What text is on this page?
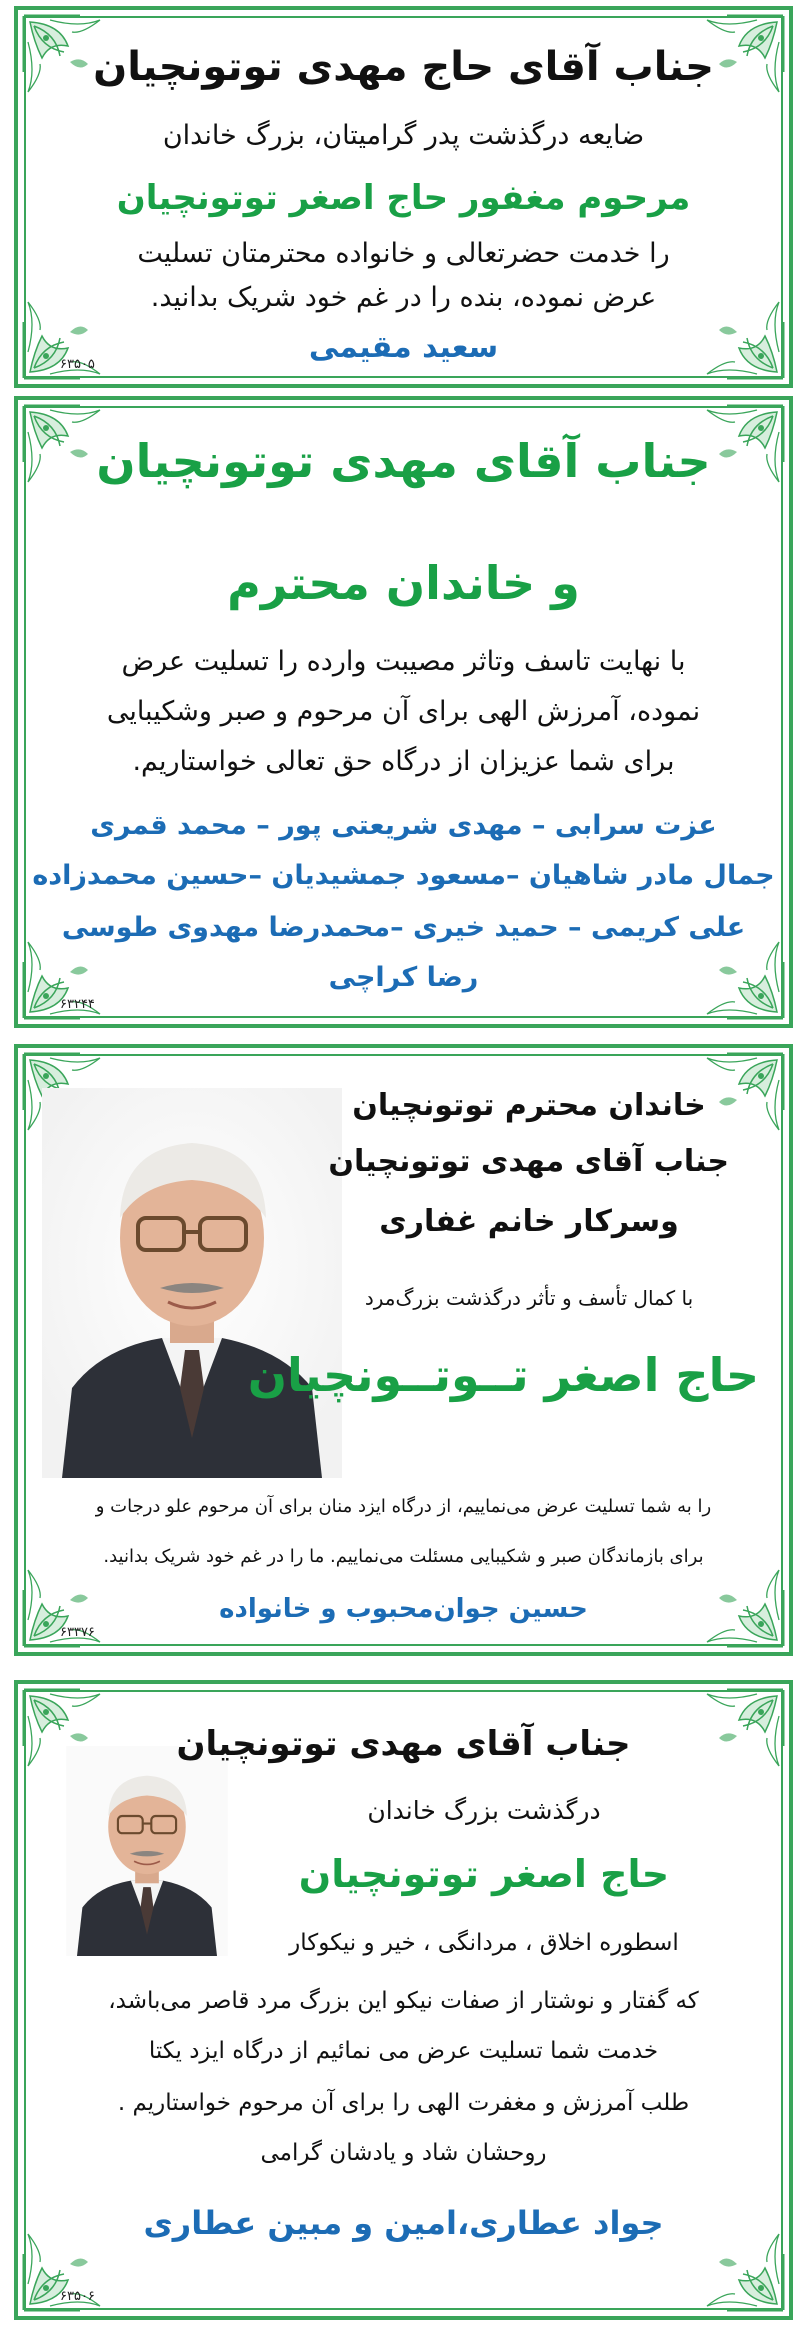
جناب آقای حاج مهدی توتونچیان
ضایعه درگذشت پدر گرامیتان، بزرگ خاندان
مرحوم مغفور حاج اصغر توتونچیان
را خدمت حضرتعالی و خانواده محترمتان تسلیت
عرض نموده، بنده را در غم خود شریک بدانید.
سعید مقیمی
۶۳۵۰۵
جناب آقای مهدی توتونچیان
و خاندان محترم
با نهایت تاسف وتاثر مصیبت وارده را تسلیت عرض
نموده، آمرزش الهی برای آن مرحوم و صبر وشکیبایی
برای شما عزیزان از درگاه حق تعالی خواستاریم.
عزت سرابی – مهدی شریعتی پور – محمد قمری
جمال مادر شاهیان –مسعود جمشیدیان –حسین محمدزاده
علی کریمی – حمید خیری –محمدرضا مهدوی طوسی
رضا کراچی
۶۳۲۴۴
خاندان محترم توتونچیان
جناب آقای مهدی توتونچیان
وسرکار خانم غفاری
با کمال تأسف و تأثر درگذشت بزرگ‌مرد
حاج اصغر تــوتــونچیان
را به شما تسلیت عرض می‌نماییم، از درگاه ایزد منان برای آن مرحوم علو درجات و
برای بازماندگان صبر و شکیبایی مسئلت می‌نماییم. ما را در غم خود شریک بدانید.
حسین جوان‌محبوب و خانواده
۶۳۳۷۶
جناب آقای مهدی توتونچیان
درگذشت بزرگ خاندان
حاج اصغر توتونچیان
اسطوره اخلاق ، مردانگی ، خیر و نیکوکار
که گفتار و نوشتار از صفات نیکو این بزرگ مرد قاصر می‌باشد،
خدمت شما تسلیت عرض می نمائیم از درگاه ایزد یکتا
طلب آمرزش و مغفرت الهی را برای آن مرحوم خواستاریم .
روحشان شاد و یادشان گرامی
جواد عطاری،امین و مبین عطاری
۶۳۵۰۶
